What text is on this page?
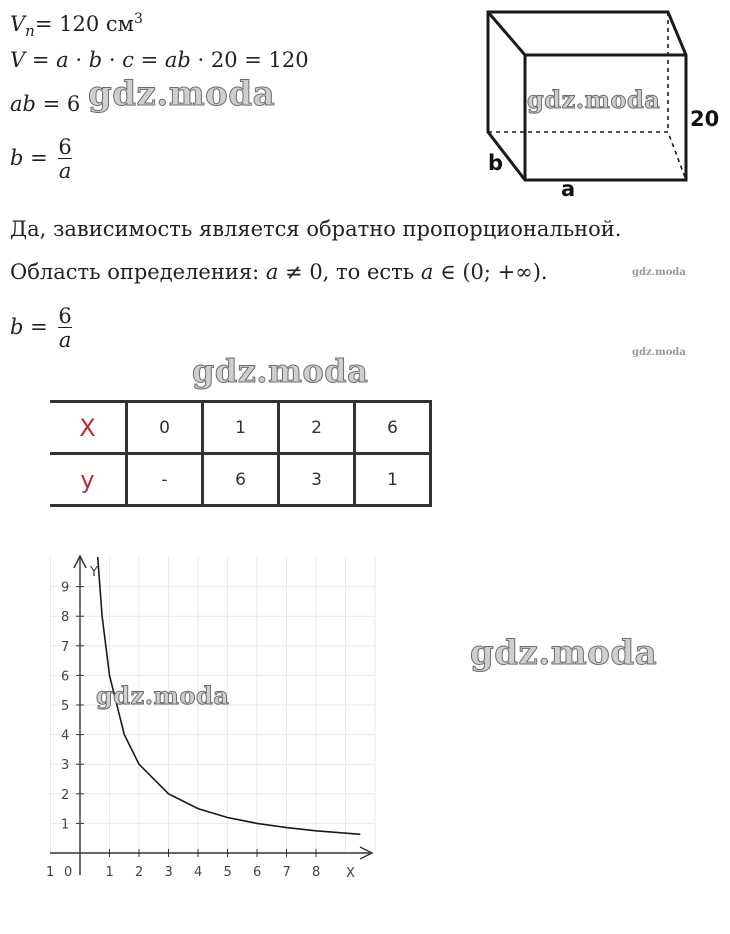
$V_n= 120$ $см^3$
V = a · b · c = ab · 20 = 120
ab = 6
$b = \frac{6}{a}$
gdz.moda
20
b
a
gdz.moda
Да, зависимость является обратно пропорциональной.
Область определения: a ≠ 0, то есть a ∈ (0; +∞).	gdz.moda
$b = \frac{6}{a}$
gdz.moda
gdz.moda
X	0	1	2	6
y	-	6	3	1
1 2 3 4 5 6 7 8
1
2
3
4
5
6
7
8
9
0
1	X
Y
gdz.moda
gdz.moda
